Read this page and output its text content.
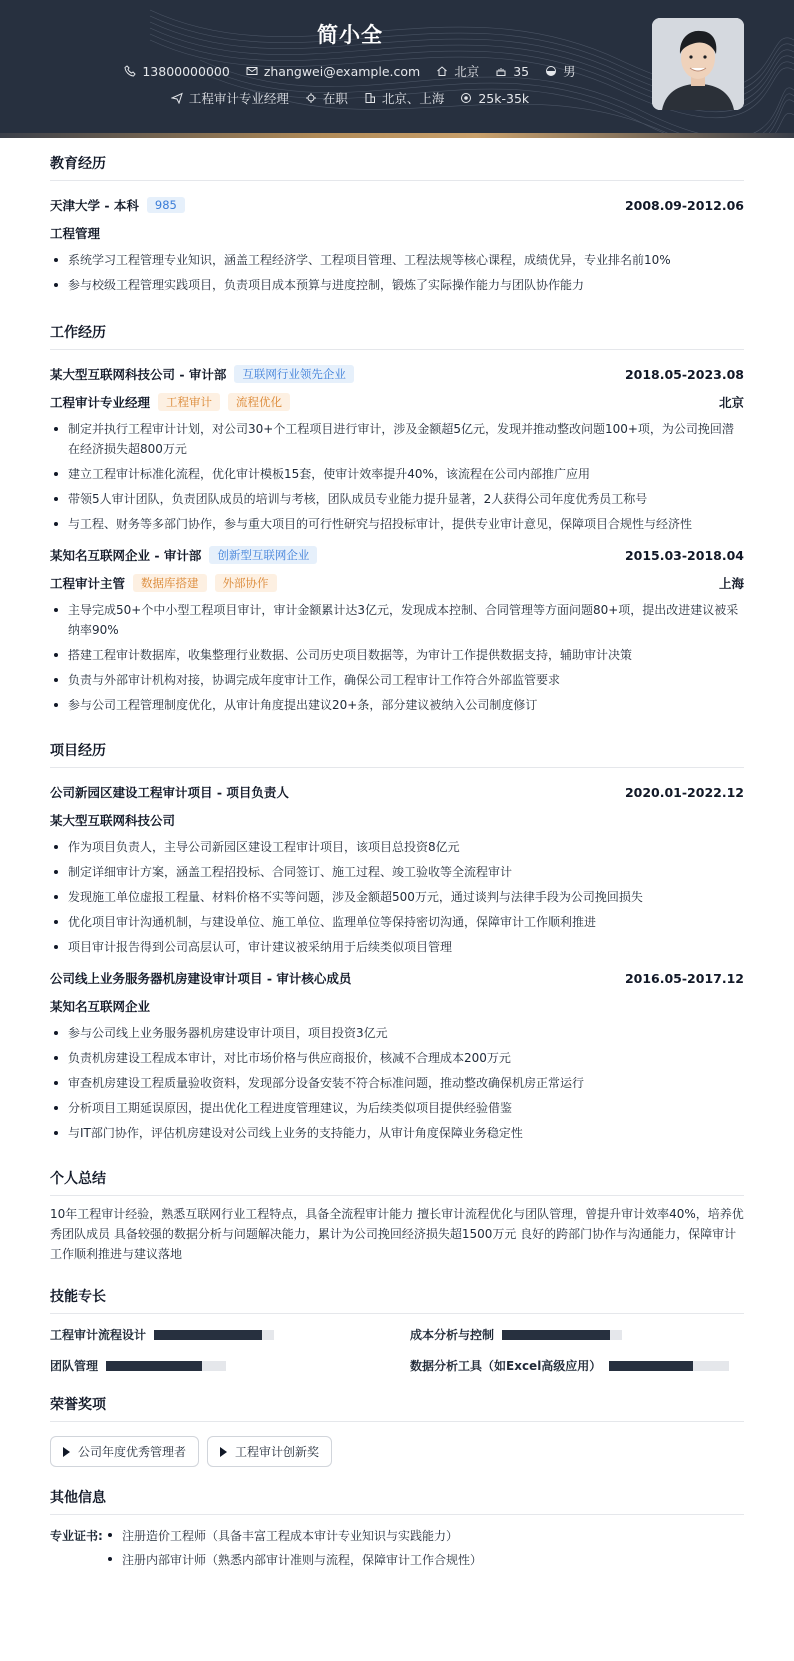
简小全
13800000000	zhangwei@example.com	北京	35	男
工程审计专业经理	在职	北京、上海	25k-35k
教育经历
天津大学 - 本科	985	2008.09-2012.06
工程管理
系统学习工程管理专业知识，涵盖工程经济学、工程项目管理、工程法规等核心课程，成绩优异，专业排名前10%
参与校级工程管理实践项目，负责项目成本预算与进度控制，锻炼了实际操作能力与团队协作能力
工作经历
某大型互联网科技公司 - 审计部	互联网行业领先企业	2018.05-2023.08
工程审计专业经理	工程审计	流程优化	北京
制定并执行工程审计计划，对公司30+个工程项目进行审计，涉及金额超5亿元，发现并推动整改问题100+项，为公司挽回潜在经济损失超800万元
建立工程审计标准化流程，优化审计模板15套，使审计效率提升40%，该流程在公司内部推广应用
带领5人审计团队，负责团队成员的培训与考核，团队成员专业能力提升显著，2人获得公司年度优秀员工称号
与工程、财务等多部门协作，参与重大项目的可行性研究与招投标审计，提供专业审计意见，保障项目合规性与经济性
某知名互联网企业 - 审计部	创新型互联网企业	2015.03-2018.04
工程审计主管	数据库搭建	外部协作	上海
主导完成50+个中小型工程项目审计，审计金额累计达3亿元，发现成本控制、合同管理等方面问题80+项，提出改进建议被采纳率90%
搭建工程审计数据库，收集整理行业数据、公司历史项目数据等，为审计工作提供数据支持，辅助审计决策
负责与外部审计机构对接，协调完成年度审计工作，确保公司工程审计工作符合外部监管要求
参与公司工程管理制度优化，从审计角度提出建议20+条，部分建议被纳入公司制度修订
项目经历
公司新园区建设工程审计项目 - 项目负责人	2020.01-2022.12
某大型互联网科技公司
作为项目负责人，主导公司新园区建设工程审计项目，该项目总投资8亿元
制定详细审计方案，涵盖工程招投标、合同签订、施工过程、竣工验收等全流程审计
发现施工单位虚报工程量、材料价格不实等问题，涉及金额超500万元，通过谈判与法律手段为公司挽回损失
优化项目审计沟通机制，与建设单位、施工单位、监理单位等保持密切沟通，保障审计工作顺利推进
项目审计报告得到公司高层认可，审计建议被采纳用于后续类似项目管理
公司线上业务服务器机房建设审计项目 - 审计核心成员	2016.05-2017.12
某知名互联网企业
参与公司线上业务服务器机房建设审计项目，项目投资3亿元
负责机房建设工程成本审计，对比市场价格与供应商报价，核减不合理成本200万元
审查机房建设工程质量验收资料，发现部分设备安装不符合标准问题，推动整改确保机房正常运行
分析项目工期延误原因，提出优化工程进度管理建议，为后续类似项目提供经验借鉴
与IT部门协作，评估机房建设对公司线上业务的支持能力，从审计角度保障业务稳定性
个人总结
10年工程审计经验，熟悉互联网行业工程特点，具备全流程审计能力 擅长审计流程优化与团队管理，曾提升审计效率40%，培养优秀团队成员 具备较强的数据分析与问题解决能力，累计为公司挽回经济损失超1500万元 良好的跨部门协作与沟通能力，保障审计工作顺利推进与建议落地
技能专长
工程审计流程设计	成本分析与控制
团队管理	数据分析工具（如Excel高级应用）
荣誉奖项
公司年度优秀管理者	工程审计创新奖
其他信息
专业证书:	注册造价工程师（具备丰富工程成本审计专业知识与实践能力）
注册内部审计师（熟悉内部审计准则与流程，保障审计工作合规性）
